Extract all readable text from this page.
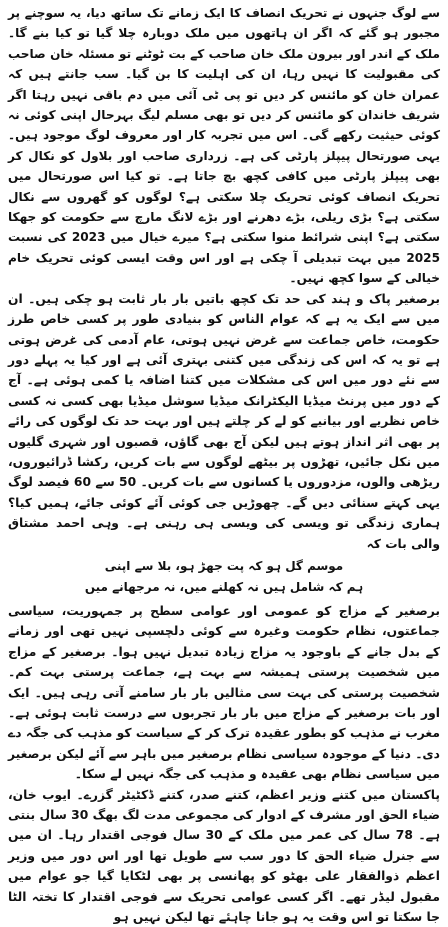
سے لوگ جنہوں نے تحریک انصاف کا ایک زمانے تک ساتھ دیا، یہ سوچنے پر مجبور ہو گئے کہ اگر ان ہاتھوں میں ملک دوبارہ چلا گیا تو کیا بنے گا۔ ملک کے اندر اور بیرون ملک خان صاحب کے بت ٹوٹنے تو مسئلہ خان صاحب کی مقبولیت کا نہیں رہا، ان کی اہلیت کا بن گیا۔ سب جانتے ہیں کہ عمران خان کو مائنس کر دیں تو پی ٹی آئی میں دم باقی نہیں رہتا اگر شریف خاندان کو مائنس کر دیں تو بھی مسلم لیگ بہرحال اپنی کوئی نہ کوئی حیثیت رکھے گی۔ اس میں تجربہ کار اور معروف لوگ موجود ہیں۔ یہی صورتحال پیپلز پارٹی کی ہے۔ زرداری صاحب اور بلاول کو نکال کر بھی پیپلز پارٹی میں کافی کچھ بچ جاتا ہے۔ تو کیا اس صورتحال میں تحریک انصاف کوئی تحریک چلا سکتی ہے؟ لوگوں کو گھروں سے نکال سکتی ہے؟ بڑی ریلی، بڑے دھرنے اور بڑے لانگ مارچ سے حکومت کو جھکا سکتی ہے؟ اپنی شرائط منوا سکتی ہے؟ میرے خیال میں 2023 کی نسبت 2025 میں بہت تبدیلی آ چکی ہے اور اس وقت ایسی کوئی تحریک خام خیالی کے سوا کچھ نہیں۔

برصغیر پاک و ہند کی حد تک کچھ باتیں بار بار ثابت ہو چکی ہیں۔ ان میں سے ایک یہ ہے کہ عوام الناس کو بنیادی طور پر کسی خاص طرز حکومت، خاص جماعت سے غرض نہیں ہوتی، عام آدمی کی غرض ہوتی ہے تو یہ کہ اس کی زندگی میں کتنی بہتری آئی ہے اور کیا یہ پہلے دور سے نئے دور میں اس کی مشکلات میں کتنا اضافہ یا کمی ہوئی ہے۔ آج کے دور میں پرنٹ میڈیا الیکٹرانک میڈیا سوشل میڈیا بھی کسی نہ کسی خاص نظریے اور بیانیے کو لے کر چلتے ہیں اور بہت حد تک لوگوں کی رائے پر بھی اثر انداز ہوتے ہیں لیکن آج بھی گاؤں، قصبوں اور شہری گلیوں میں نکل جائیں، تھڑوں پر بیٹھے لوگوں سے بات کریں، رکشا ڈرائیوروں، ریڑھی والوں، مزدوروں یا کسانوں سے بات کریں۔ 50 سے 60 فیصد لوگ یہی کہتے سنائی دیں گے۔ چھوڑیں جی کوئی آئے کوئی جائے، ہمیں کیا؟ ہماری زندگی تو ویسی کی ویسی ہی رہنی ہے۔ وہی احمد مشتاق والی بات کہ

موسم گل ہو کہ پت جھڑ ہو، بلا سے اپنی
ہم کہ شامل ہیں نہ کھلنے میں، نہ مرجھانے میں

برصغیر کے مزاج کو عمومی اور عوامی سطح پر جمہوریت، سیاسی جماعتوں، نظام حکومت وغیرہ سے کوئی دلچسپی نہیں تھی اور زمانے کے بدل جانے کے باوجود یہ مزاج زیادہ تبدیل نہیں ہوا۔ برصغیر کے مزاج میں شخصیت پرستی ہمیشہ سے بہت ہے، جماعت پرستی بہت کم۔ شخصیت پرستی کی بہت سی مثالیں بار بار سامنے آتی رہی ہیں۔ ایک اور بات برصغیر کے مزاج میں بار بار تجربوں سے درست ثابت ہوئی ہے۔ مغرب نے مذہب کو بطور عقیدہ ترک کر کے سیاست کو مذہب کی جگہ دے دی۔ دنیا کے موجودہ سیاسی نظام برصغیر میں باہر سے آئے لیکن برصغیر میں سیاسی نظام بھی عقیدہ و مذہب کی جگہ نہیں لے سکا۔

پاکستان میں کتنے وزیر اعظم، کتنے صدر، کتنے ڈکٹیٹر گزرے۔ ایوب خان، ضیاء الحق اور مشرف کے ادوار کی مجموعی مدت لگ بھگ 30 سال بنتی ہے۔ 78 سال کی عمر میں ملک کے 30 سال فوجی اقتدار رہا۔ ان میں سے جنرل ضیاء الحق کا دور سب سے طویل تھا اور اس دور میں وزیر اعظم ذوالفقار علی بھٹو کو پھانسی پر بھی لٹکایا گیا جو عوام میں مقبول لیڈر تھے۔ اگر کسی عوامی تحریک سے فوجی اقتدار کا تختہ الٹا جا سکتا تو اس وقت یہ ہو جانا چاہئے تھا لیکن نہیں ہو
